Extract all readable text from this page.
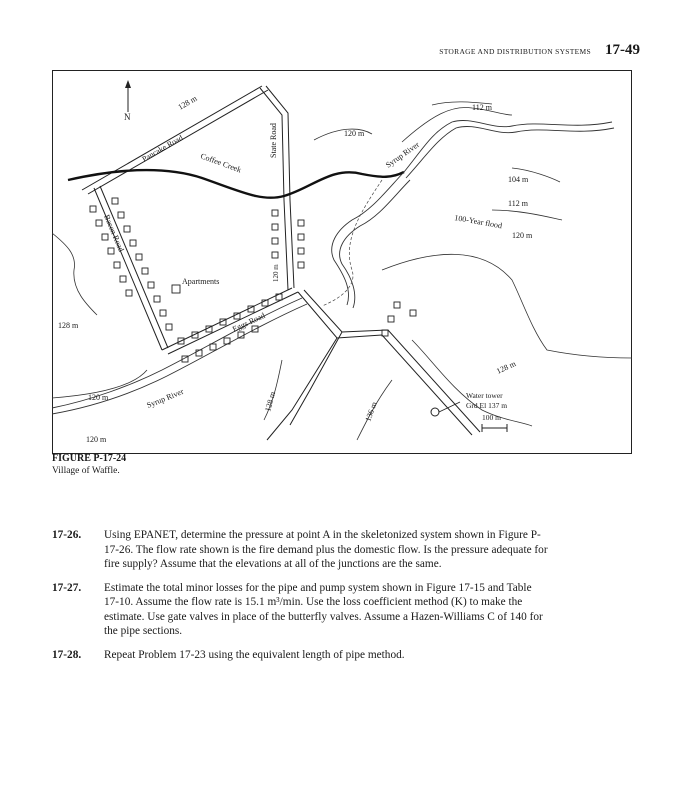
STORAGE AND DISTRIBUTION SYSTEMS 17-49
N
Pancake Road	State Road
Bacon Road
Eggs Road
Coffee Creek	Syrup River
Syrup River
100-Year flood
128 m
120 m
112 m
104 m
112 m
120 m
128 m
120 m
120 m
128 m	136 m
128 m
120 m
Apartments
Water tower
Grd El 137 m
100 m
FIGURE P-17-24
Village of Waffle.
17-26.	Using EPANET, determine the pressure at point A in the skeletonized system shown in Figure P-17-26. The flow rate shown is the fire demand plus the domestic flow. Is the pressure adequate for fire supply? Assume that the elevations at all of the junctions are the same.
17-27.	Estimate the total minor losses for the pipe and pump system shown in Figure 17-15 and Table 17-10. Assume the flow rate is 15.1 m³/min. Use the loss coefficient method (K) to make the estimate. Use gate valves in place of the butterfly valves. Assume a Hazen-Williams C of 140 for the pipe sections.
17-28.	Repeat Problem 17-23 using the equivalent length of pipe method.
